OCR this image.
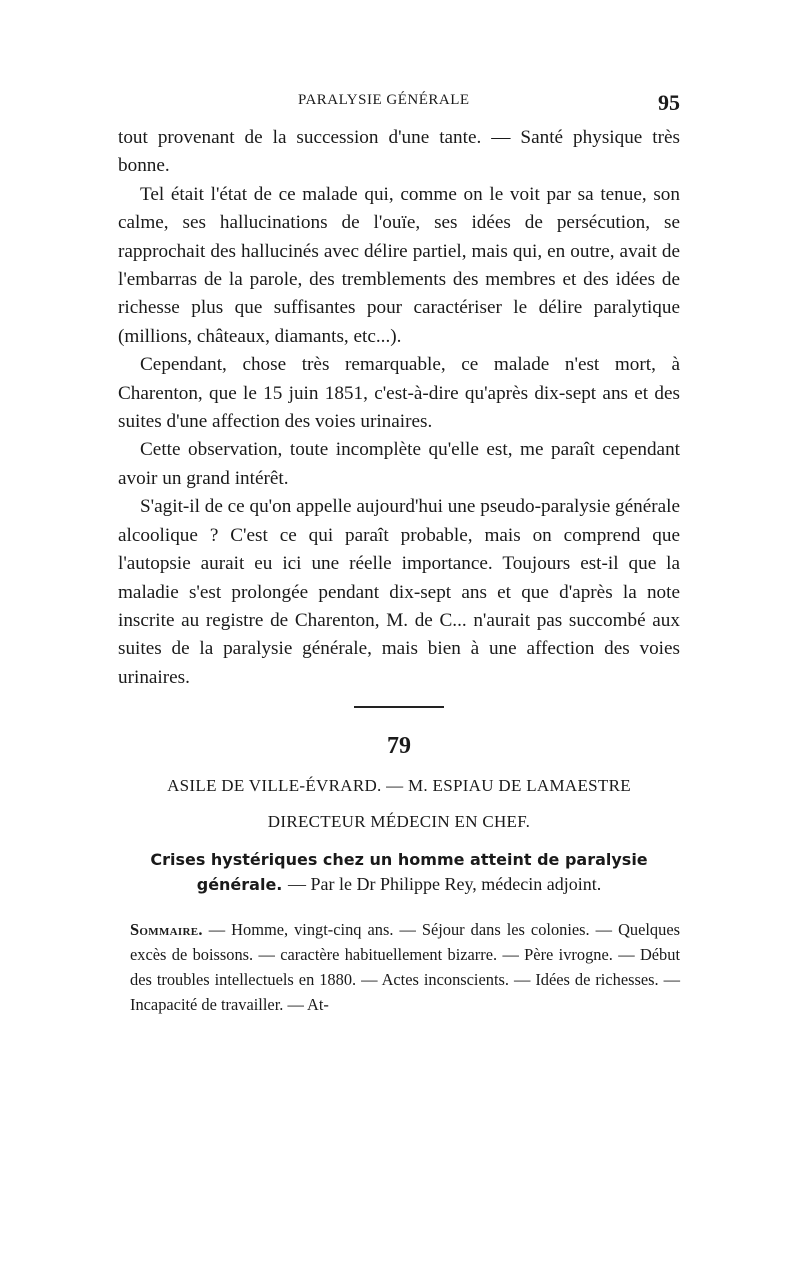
PARALYSIE GÉNÉRALE	95

tout provenant de la succession d'une tante. — Santé physique très bonne.

Tel était l'état de ce malade qui, comme on le voit par sa tenue, son calme, ses hallucinations de l'ouïe, ses idées de persécution, se rapprochait des hallucinés avec délire partiel, mais qui, en outre, avait de l'embarras de la parole, des tremblements des membres et des idées de richesse plus que suffisantes pour caractériser le délire paralytique (millions, châteaux, diamants, etc...).

Cependant, chose très remarquable, ce malade n'est mort, à Charenton, que le 15 juin 1851, c'est-à-dire qu'après dix-sept ans et des suites d'une affection des voies urinaires.

Cette observation, toute incomplète qu'elle est, me paraît cependant avoir un grand intérêt.

S'agit-il de ce qu'on appelle aujourd'hui une pseudo-paralysie générale alcoolique ? C'est ce qui paraît probable, mais on comprend que l'autopsie aurait eu ici une réelle importance. Toujours est-il que la maladie s'est prolongée pendant dix-sept ans et que d'après la note inscrite au registre de Charenton, M. de C... n'aurait pas succombé aux suites de la paralysie générale, mais bien à une affection des voies urinaires.

79
ASILE DE VILLE-ÉVRARD. — M. ESPIAU DE LAMAESTRE
DIRECTEUR MÉDECIN EN CHEF.
Crises hystériques chez un homme atteint de paralysie générale. — Par le Dr Philippe Rey, médecin adjoint.
Sommaire. — Homme, vingt-cinq ans. — Séjour dans les colonies. — Quelques excès de boissons. — caractère habituellement bizarre. — Père ivrogne. — Début des troubles intellectuels en 1880. — Actes inconscients. — Idées de richesses. — Incapacité de travailler. — At-
